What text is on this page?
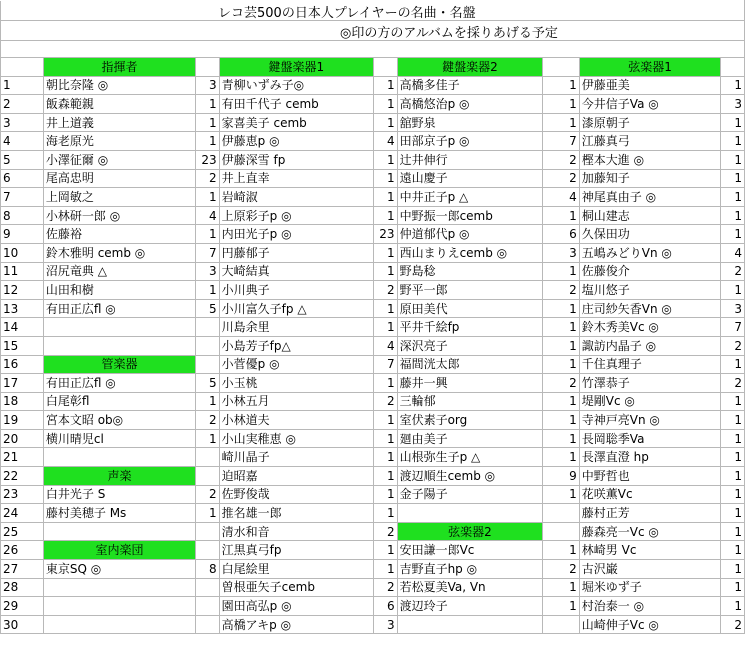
レコ芸500の日本人プレイヤーの名曲・名盤
◎印の方のアルバムを採りあげる予定

	指揮者		鍵盤楽器1		鍵盤楽器2		弦楽器1	
1	朝比奈隆 ◎	3	青柳いずみ子◎	1	高橋多佳子	1	伊藤亜美	1
2	飯森範親	1	有田千代子 cemb	1	高橋悠治p ◎	1	今井信子Va ◎	3
3	井上道義	1	家喜美子 cemb	1	舘野泉	1	漆原朝子	1
4	海老原光	1	伊藤恵p ◎	4	田部京子p ◎	7	江藤真弓	1
5	小澤征爾 ◎	23	伊藤深雪 fp	1	辻井伸行	2	樫本大進 ◎	1
6	尾高忠明	2	井上直幸	1	遠山慶子	2	加藤知子	1
7	上岡敏之	1	岩崎淑	1	中井正子p △	4	神尾真由子 ◎	1
8	小林研一郎 ◎	4	上原彩子p ◎	1	中野振一郎cemb	1	桐山建志	1
9	佐藤裕	1	内田光子p ◎	23	仲道郁代p ◎	6	久保田功	1
10	鈴木雅明 cemb ◎	7	円藤郁子	1	西山まりえcemb ◎	3	五嶋みどりVn ◎	4
11	沼尻竜典 △	3	大崎結真	1	野島稔	1	佐藤俊介	2
12	山田和樹	1	小川典子	2	野平一郎	2	塩川悠子	1
13	有田正広fl ◎	5	小川富久子fp △	1	原田美代	1	庄司紗矢香Vn ◎	3
14			川島余里	1	平井千絵fp	1	鈴木秀美Vc ◎	7
15			小島芳子fp△	4	深沢亮子	1	諏訪内晶子 ◎	2
16	管楽器		小菅優p ◎	7	福間洸太郎	1	千住真理子	1
17	有田正広fl ◎	5	小玉桃	1	藤井一興	2	竹澤恭子	2
18	白尾彰fl	1	小林五月	2	三輪郁	1	堤剛Vc ◎	1
19	宮本文昭 ob◎	2	小林道夫	1	室伏素子org	1	寺神戸亮Vn ◎	1
20	横川晴児cl	1	小山実稚恵 ◎	1	廻由美子	1	長岡聡季Va	1
21			崎川晶子	1	山根弥生子p △	1	長澤直澄 hp	1
22	声楽		迫昭嘉	1	渡辺順生cemb ◎	9	中野哲也	1
23	白井光子 S	2	佐野俊哉	1	金子陽子	1	花咲薫Vc	1
24	藤村美穂子 Ms	1	推名雄一郎	1			藤村正芳	1
25			清水和音	2	弦楽器2		藤森亮一Vc ◎	1
26	室内楽団		江黒真弓fp	1	安田謙一郎Vc	1	林崎男 Vc	1
27	東京SQ ◎	8	白尾絵里	1	吉野直子hp ◎	2	古沢巌	1
28			曽根亜矢子cemb	2	若松夏美Va, Vn	1	堀米ゆず子	1
29			園田高弘p ◎	6	渡辺玲子	1	村治泰一 ◎	1
30			高橋アキp ◎	3			山崎伸子Vc ◎	2
